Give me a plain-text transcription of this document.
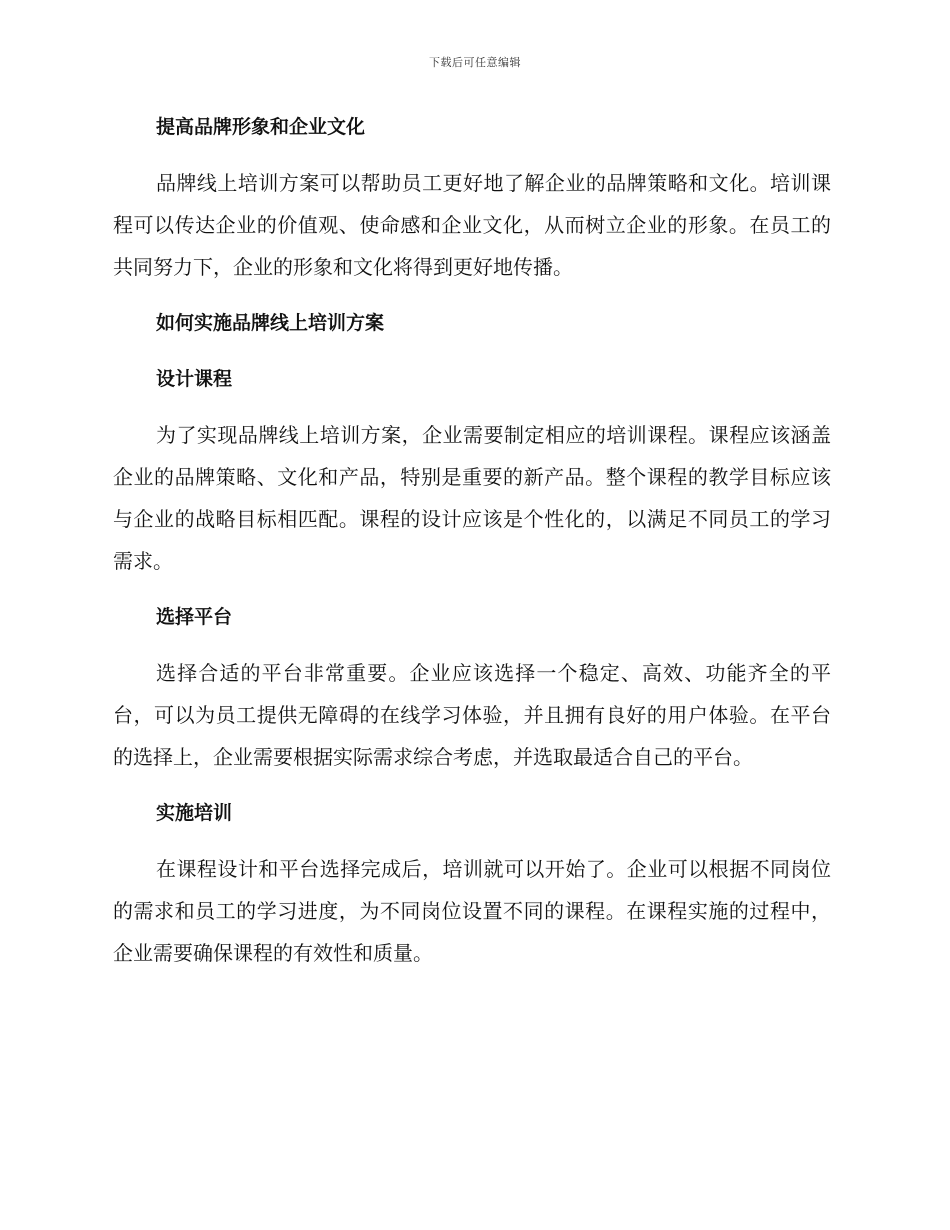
下载后可任意编辑
提高品牌形象和企业文化

品牌线上培训方案可以帮助员工更好地了解企业的品牌策略和文化。培训课程可以传达企业的价值观、使命感和企业文化，从而树立企业的形象。在员工的共同努力下，企业的形象和文化将得到更好地传播。

如何实施品牌线上培训方案
设计课程

为了实现品牌线上培训方案，企业需要制定相应的培训课程。课程应该涵盖企业的品牌策略、文化和产品，特别是重要的新产品。整个课程的教学目标应该与企业的战略目标相匹配。课程的设计应该是个性化的，以满足不同员工的学习需求。

选择平台

选择合适的平台非常重要。企业应该选择一个稳定、高效、功能齐全的平台，可以为员工提供无障碍的在线学习体验，并且拥有良好的用户体验。在平台的选择上，企业需要根据实际需求综合考虑，并选取最适合自己的平台。

实施培训

在课程设计和平台选择完成后，培训就可以开始了。企业可以根据不同岗位的需求和员工的学习进度，为不同岗位设置不同的课程。在课程实施的过程中，企业需要确保课程的有效性和质量。
